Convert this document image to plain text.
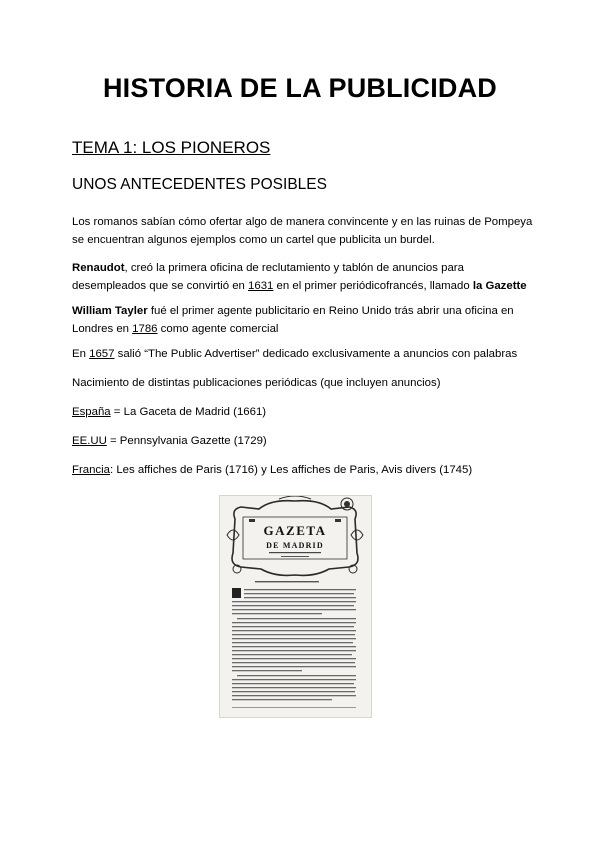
HISTORIA DE LA PUBLICIDAD
TEMA 1: LOS PIONEROS
UNOS ANTECEDENTES POSIBLES

Los romanos sabían cómo ofertar algo de manera convincente y en las ruinas de Pompeya
se encuentran algunos ejemplos como un cartel que publicita un burdel.

Renaudot, creó la primera oficina de reclutamiento y tablón de anuncios para
desempleados que se convirtió en 1631 en el primer periódicofrancés, llamado la Gazette

William Tayler fué el primer agente publicitario en Reino Unido trás abrir una oficina en
Londres en 1786 como agente comercial

En 1657 salió “The Public Advertiser” dedicado exclusivamente a anuncios con palabras

Nacimiento de distintas publicaciones periódicas (que incluyen anuncios)

España = La Gaceta de Madrid (1661)

EE.UU = Pennsylvania Gazette (1729)

Francia: Les affiches de Paris (1716) y Les affiches de Paris, Avis divers (1745)

GAZETA
DE MADRID
